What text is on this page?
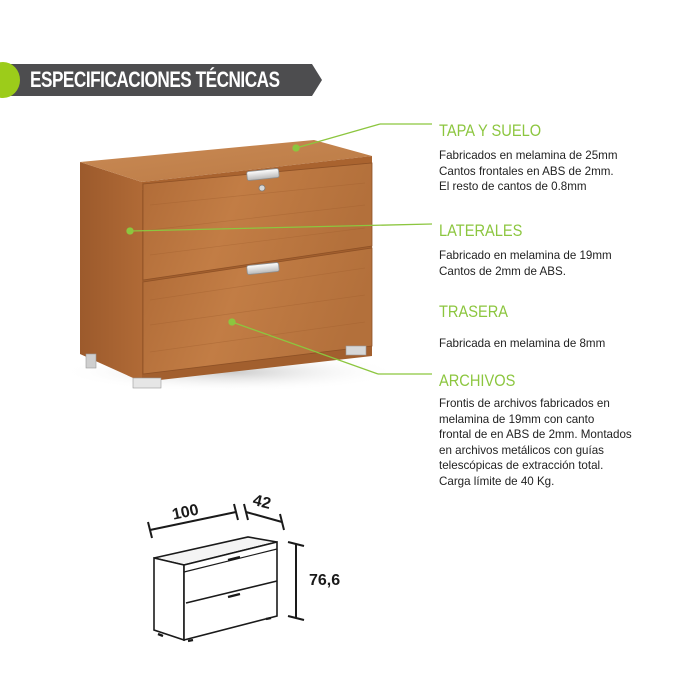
ESPECIFICACIONES TÉCNICAS
100	42
76,6
TAPA Y SUELO
Fabricados en melamina de 25mm
Cantos frontales en ABS de 2mm.
El resto de cantos de 0.8mm
LATERALES
Fabricado en melamina de 19mm
Cantos de 2mm de ABS.
TRASERA
Fabricada en melamina de 8mm
ARCHIVOS
Frontis de archivos fabricados en
melamina de 19mm con canto
frontal de en ABS de 2mm. Montados
en archivos metálicos con guías
telescópicas de extracción total.
Carga límite de 40 Kg.
